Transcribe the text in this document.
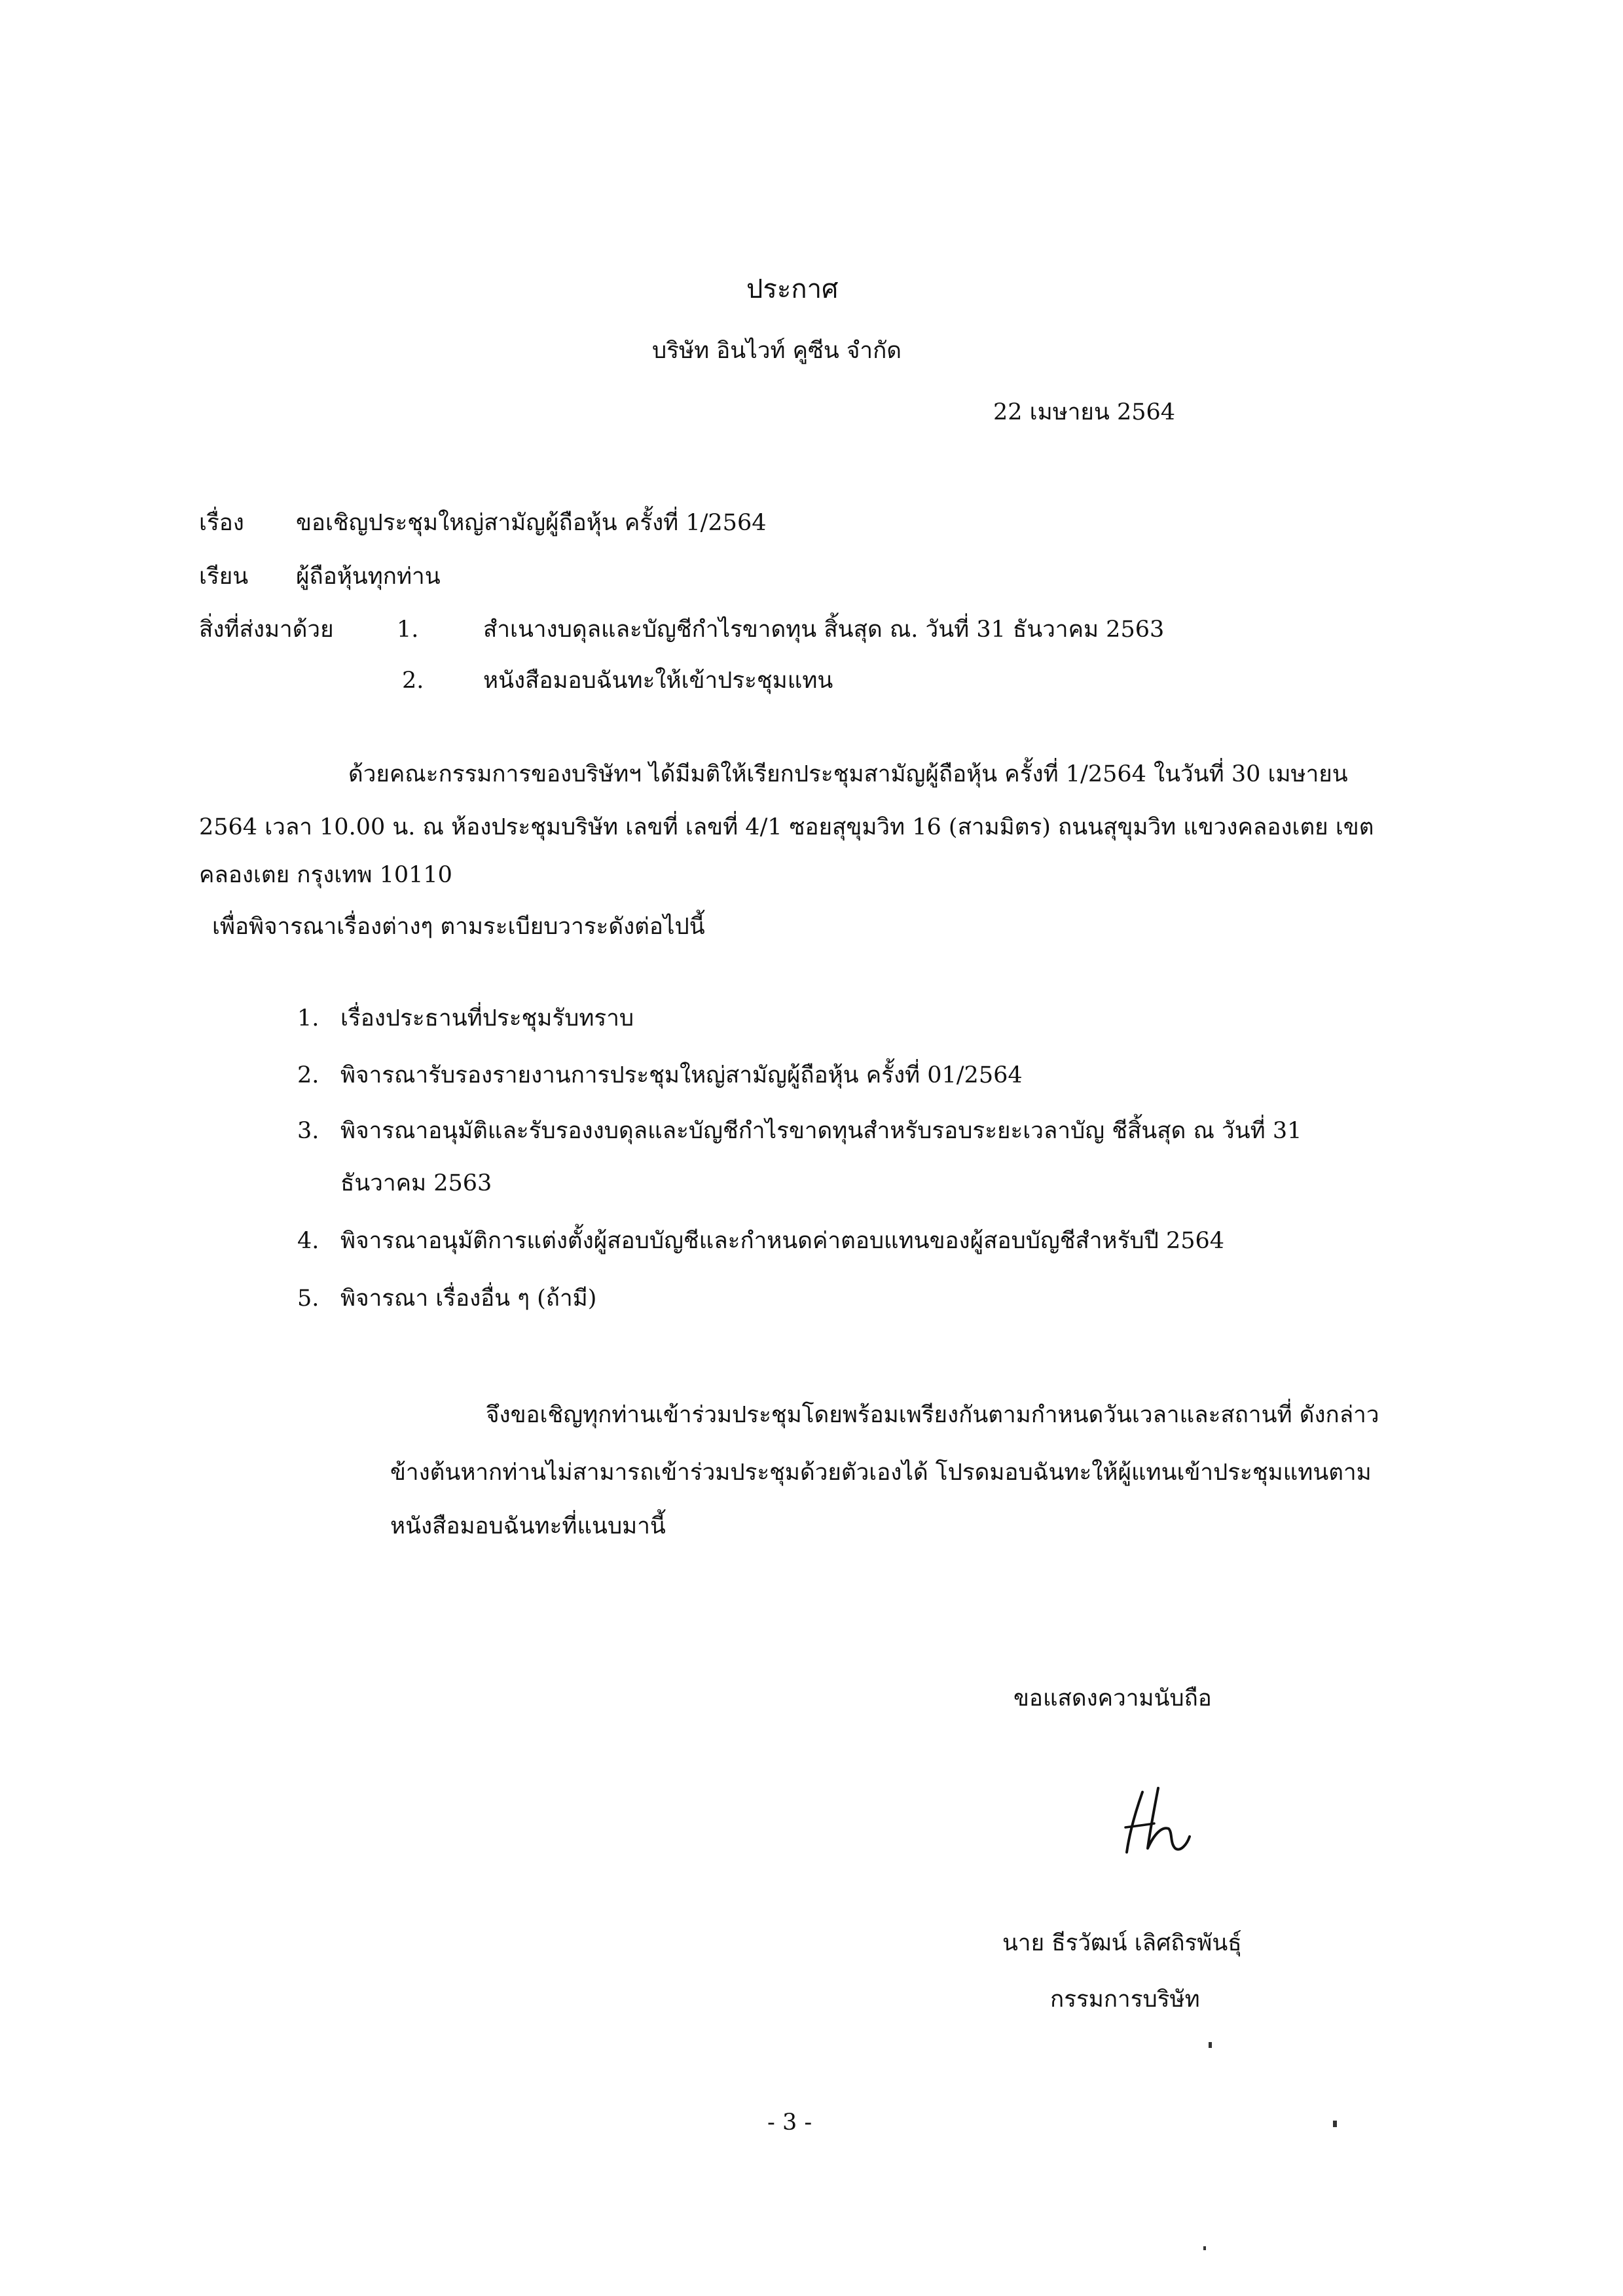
ประกาศ
บริษัท อินไวท์ คูซีน จำกัด
22 เมษายน 2564
เรื่อง ขอเชิญประชุมใหญ่สามัญผู้ถือหุ้น ครั้งที่ 1/2564
เรียน ผู้ถือหุ้นทุกท่าน
สิ่งที่ส่งมาด้วย	1.	สำเนางบดุลและบัญชีกำไรขาดทุน สิ้นสุด ณ. วันที่ 31 ธันวาคม 2563
2.	หนังสือมอบฉันทะให้เข้าประชุมแทน
ด้วยคณะกรรมการของบริษัทฯ ได้มีมติให้เรียกประชุมสามัญผู้ถือหุ้น ครั้งที่ 1/2564 ในวันที่ 30 เมษายน
2564 เวลา 10.00 น. ณ ห้องประชุมบริษัท เลขที่ เลขที่ 4/1 ซอยสุขุมวิท 16 (สามมิตร) ถนนสุขุมวิท แขวงคลองเตย เขต
คลองเตย กรุงเทพ 10110
เพื่อพิจารณาเรื่องต่างๆ ตามระเบียบวาระดังต่อไปนี้
1. เรื่องประธานที่ประชุมรับทราบ
2. พิจารณารับรองรายงานการประชุมใหญ่สามัญผู้ถือหุ้น ครั้งที่ 01/2564
3. พิจารณาอนุมัติและรับรองงบดุลและบัญชีกำไรขาดทุนสำหรับรอบระยะเวลาบัญ ชีสิ้นสุด ณ วันที่ 31
ธันวาคม 2563
4. พิจารณาอนุมัติการแต่งตั้งผู้สอบบัญชีและกำหนดค่าตอบแทนของผู้สอบบัญชีสำหรับปี 2564
5. พิจารณา เรื่องอื่น ๆ (ถ้ามี)
จึงขอเชิญทุกท่านเข้าร่วมประชุมโดยพร้อมเพรียงกันตามกำหนดวันเวลาและสถานที่ ดังกล่าว
ข้างต้นหากท่านไม่สามารถเข้าร่วมประชุมด้วยตัวเองได้ โปรดมอบฉันทะให้ผู้แทนเข้าประชุมแทนตาม
หนังสือมอบฉันทะที่แนบมานี้
ขอแสดงความนับถือ
นาย ธีรวัฒน์ เลิศถิรพันธุ์
กรรมการบริษัท
- 3 -
